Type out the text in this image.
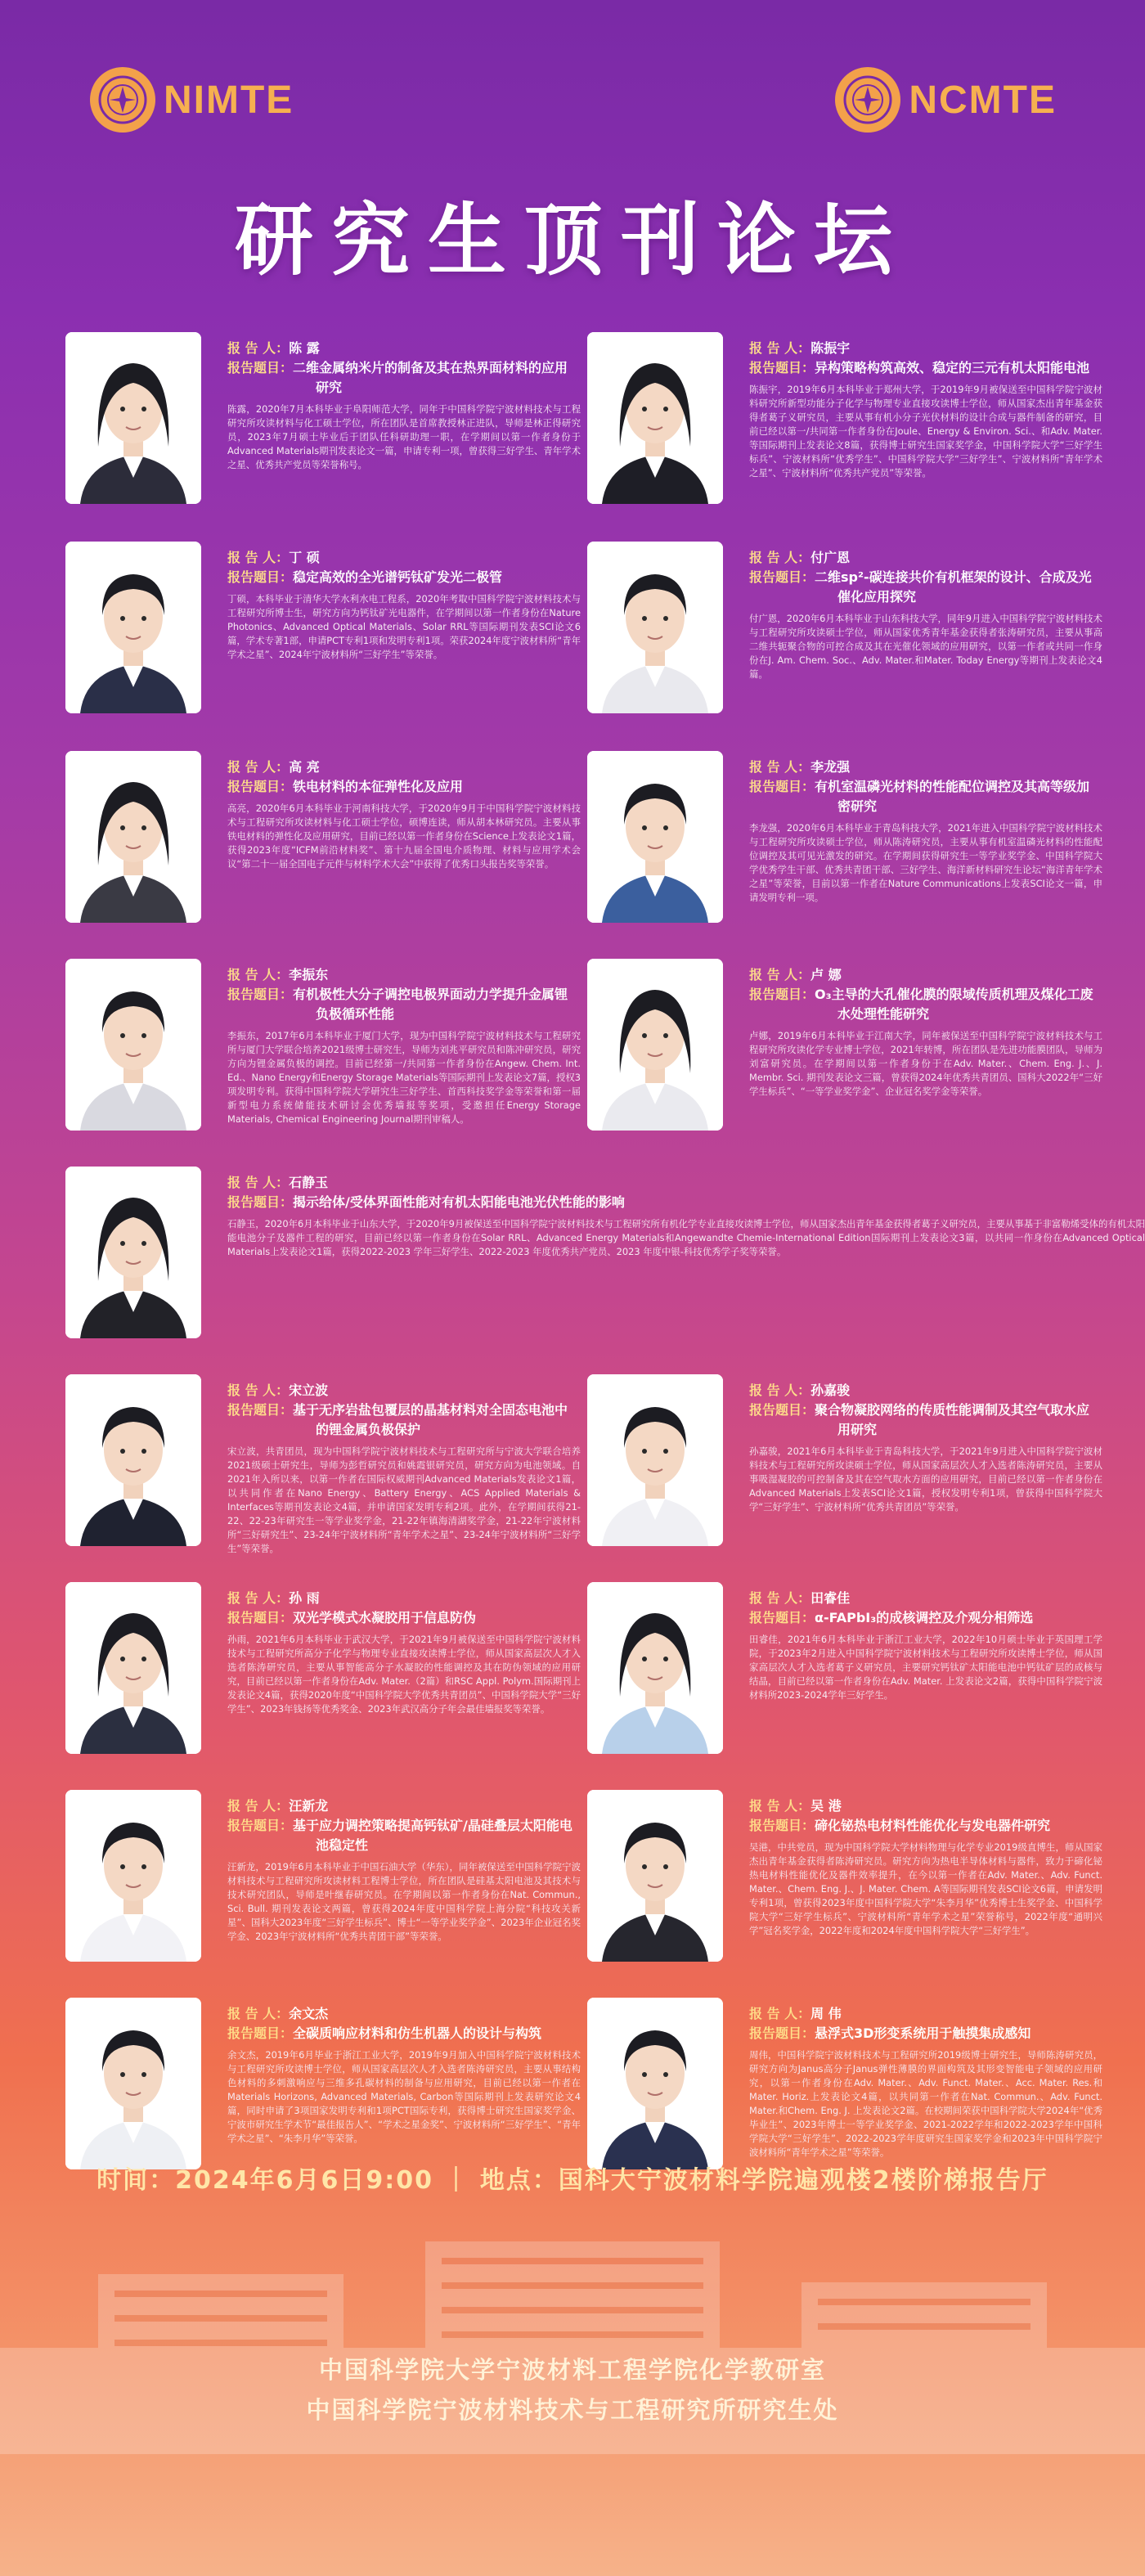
NIMTE	NCMTE
研究生顶刊论坛
报 告 人：陈 露
报告题目：二维金属纳米片的制备及其在热界面材料的应用研究
陈露，2020年7月本科毕业于阜阳师范大学，同年于中国科学院宁波材料技术与工程研究所攻读材料与化工硕士学位，所在团队是首席教授林正进队，导师是林正得研究员，2023年7月硕士毕业后于团队任科研助理一职，在学期间以第一作者身份于Advanced Materials期刊发表论文一篇，申请专利一项，曾获得三好学生、青年学术之星、优秀共产党员等荣誉称号。
报 告 人：陈振宇
报告题目：异构策略构筑高效、稳定的三元有机太阳能电池
陈振宇，2019年6月本科毕业于郑州大学，于2019年9月被保送至中国科学院宁波材料研究所新型功能分子化学与物理专业直接攻读博士学位，师从国家杰出青年基金获得者葛子义研究员，主要从事有机小分子光伏材料的设计合成与器件制备的研究，目前已经以第一/共同第一作者身份在Joule、Energy & Environ. Sci.、和Adv. Mater.等国际期刊上发表论文8篇，获得博士研究生国家奖学金，中国科学院大学“三好学生标兵”、宁波材料所“优秀学生”、中国科学院大学“三好学生”、宁波材料所“青年学术之星”、宁波材料所“优秀共产党员”等荣誉。
报 告 人：丁 硕
报告题目：稳定高效的全光谱钙钛矿发光二极管
丁硕，本科毕业于清华大学水利水电工程系，2020年考取中国科学院宁波材料技术与工程研究所博士生，研究方向为钙钛矿光电器件，在学期间以第一作者身份在Nature Photonics、Advanced Optical Materials、Solar RRL等国际期刊发表SCI论文6篇，学术专著1部，申请PCT专利1项和发明专利1项。荣获2024年度宁波材料所“青年学术之星”、2024年宁波材料所“三好学生”等荣誉。
报 告 人：付广恩
报告题目：二维sp²-碳连接共价有机框架的设计、合成及光催化应用探究
付广恩，2020年6月本科毕业于山东科技大学，同年9月进入中国科学院宁波材料技术与工程研究所攻读硕士学位，师从国家优秀青年基金获得者张涛研究员，主要从事高二维共轭聚合物的可控合成及其在光催化领域的应用研究，以第一作者或共同一作身份在J. Am. Chem. Soc.、Adv. Mater.和Mater. Today Energy等期刊上发表论文4篇。
报 告 人：高 亮
报告题目：铁电材料的本征弹性化及应用
高亮，2020年6月本科毕业于河南科技大学，于2020年9月于中国科学院宁波材料技术与工程研究所攻读材料与化工硕士学位，硕博连读，师从胡本林研究员。主要从事铁电材料的弹性化及应用研究，目前已经以第一作者身份在Science上发表论文1篇，获得2023年度“ICFM前沿材料奖”、第十九届全国电介质物理、材料与应用学术会议“第二十一届全国电子元件与材料学术大会”中获得了优秀口头报告奖等荣誉。
报 告 人：李龙强
报告题目：有机室温磷光材料的性能配位调控及其高等级加密研究
李龙强，2020年6月本科毕业于青岛科技大学，2021年进入中国科学院宁波材料技术与工程研究所攻读硕士学位，师从陈涛研究员，主要从事有机室温磷光材料的性能配位调控及其可见光激发的研究。在学期间获得研究生一等学业奖学金、中国科学院大学优秀学生干部、优秀共青团干部、三好学生、海洋新材料研究生论坛“海洋青年学术之星”等荣誉，目前以第一作者在Nature Communications上发表SCI论文一篇，申请发明专利一项。
报 告 人：李振东
报告题目：有机极性大分子调控电极界面动力学提升金属锂负极循环性能
李振东，2017年6月本科毕业于厦门大学，现为中国科学院宁波材料技术与工程研究所与厦门大学联合培养2021级博士研究生，导师为刘兆平研究员和陈冲研究员，研究方向为锂金属负极的调控。目前已经第一/共同第一作者身份在Angew. Chem. Int. Ed.、Nano Energy和Energy Storage Materials等国际期刊上发表论文7篇，授权3项发明专利。获得中国科学院大学研究生三好学生、首西科技奖学金等荣誉和第一届新型电力系统储能技术研讨会优秀墙报等奖项，受邀担任Energy Storage Materials, Chemical Engineering Journal期刊审稿人。
报 告 人：卢 娜
报告题目：O₃主导的大孔催化膜的限域传质机理及煤化工废水处理性能研究
卢娜，2019年6月本科毕业于江南大学，同年被保送至中国科学院宁波材料技术与工程研究所攻读化学专业博士学位，2021年转博，所在团队是先进功能膜团队，导师为刘富研究员。在学期间以第一作者身份于在Adv. Mater.、Chem. Eng. J.、J. Membr. Sci. 期刊发表论文三篇，曾获得2024年优秀共青团员、国科大2022年“三好学生标兵”、“一等学业奖学金”、企业冠名奖学金等荣誉。
报 告 人：石静玉
报告题目：揭示给体/受体界面性能对有机太阳能电池光伏性能的影响
石静玉，2020年6月本科毕业于山东大学，于2020年9月被保送至中国科学院宁波材料技术与工程研究所有机化学专业直接攻读博士学位，师从国家杰出青年基金获得者葛子义研究员，主要从事基于非富勒烯受体的有机太阳能电池分子及器件工程的研究，目前已经以第一作者身份在Solar RRL、Advanced Energy Materials和Angewandte Chemie-International Edition国际期刊上发表论文3篇，以共同一作身份在Advanced Optical Materials上发表论文1篇，获得2022-2023 学年三好学生、2022-2023 年度优秀共产党员、2023 年度中银-科技优秀学子奖等荣誉。
报 告 人：宋立波
报告题目：基于无序岩盐包覆层的晶基材料对全固态电池中的锂金属负极保护
宋立波，共青团员，现为中国科学院宁波材料技术与工程研究所与宁波大学联合培养2021级硕士研究生，导师为彭哲研究员和姚霞银研究员，研究方向为电池领域。自2021年入所以来，以第一作者在国际权威期刊Advanced Materials发表论文1篇，以共同作者在Nano Energy、Battery Energy、ACS Applied Materials & Interfaces等期刊发表论文4篇，并申请国家发明专利2项。此外，在学期间获得21-22、22-23年研究生一等学业奖学金，21-22年镇海清湖奖学金，21-22年宁波材料所“三好研究生”、23-24年宁波材料所“青年学术之星”、23-24年宁波材料所“三好学生”等荣誉。
报 告 人：孙嘉骏
报告题目：聚合物凝胶网络的传质性能调制及其空气取水应用研究
孙嘉骏，2021年6月本科毕业于青岛科技大学，于2021年9月进入中国科学院宁波材料技术与工程研究所攻读硕士学位，师从国家高层次人才入选者陈涛研究员，主要从事吸湿凝胶的可控制备及其在空气取水方面的应用研究，目前已经以第一作者身份在Advanced Materials上发表SCI论文1篇，授权发明专利1项，曾获得中国科学院大学“三好学生”、宁波材料所“优秀共青团员”等荣誉。
报 告 人：田睿佳
报告题目：α-FAPbI₃的成核调控及介观分相筛选
田睿佳，2021年6月本科毕业于浙江工业大学，2022年10月硕士毕业于英国理工学院，于2023年2月进入中国科学院宁波材料技术与工程研究所攻读博士学位，师从国家高层次人才入选者葛子义研究员，主要研究钙钛矿太阳能电池中钙钛矿层的成核与结晶，目前已经以第一作者身份在Adv. Mater. 上发表论文2篇，获得中国科学院宁波材料所2023-2024学年三好学生。
报 告 人：孙 雨
报告题目：双光学模式水凝胶用于信息防伪
孙雨，2021年6月本科毕业于武汉大学，于2021年9月被保送至中国科学院宁波材料技术与工程研究所高分子化学与物理专业直接攻读博士学位，师从国家高层次人才入选者陈涛研究员，主要从事智能高分子水凝胶的性能调控及其在防伪领域的应用研究，目前已经以第一作者身份在Adv. Mater.（2篇）和RSC Appl. Polym.国际期刊上发表论文4篇，获得2020年度“中国科学院大学优秀共青团员”、中国科学院大学“三好学生”、2023年钱扬等优秀奖金、2023年武汉高分子年会最佳墙报奖等荣誉。
报 告 人：吴 港
报告题目：碲化铋热电材料性能优化与发电器件研究
吴港，中共党员，现为中国科学院大学材料物理与化学专业2019级直博生，师从国家杰出青年基金获得者陈涛研究员。研究方向为热电半导体材料与器件，致力于碲化铋热电材料性能优化及器件效率提升，在今以第一作者在Adv. Mater.、Adv. Funct. Mater.、Chem. Eng. J.、J. Mater. Chem. A等国际期刊发表SCI论文6篇，申请发明专利1项，曾获得2023年度中国科学院大学“朱李月华”优秀博士生奖学金、中国科学院大学“三好学生标兵”、宁波材料所“青年学术之星”荣誉称号，2022年度“通明兴学”冠名奖学金，2022年度和2024年度中国科学院大学“三好学生”。
报 告 人：汪新龙
报告题目：基于应力调控策略提高钙钛矿/晶硅叠层太阳能电池稳定性
汪新龙，2019年6月本科毕业于中国石油大学（华东），同年被保送至中国科学院宁波材料技术与工程研究所攻读材料工程博士学位，所在团队是硅基太阳电池及其技术与技术研究团队，导师是叶继春研究员。在学期间以第一作者身份在Nat. Commun., Sci. Bull. 期刊发表论文两篇，曾获得2024年度中国科学院上海分院“科技攻关新星”、国科大2023年度“三好学生标兵”、博士“一等学业奖学金”、2023年企业冠名奖学金、2023年宁波材料所“优秀共青团干部”等荣誉。
报 告 人：周 伟
报告题目：悬浮式3D形变系统用于触摸集成感知
周伟，中国科学院宁波材料技术与工程研究所2019级博士研究生，导师陈涛研究员，研究方向为Janus高分子Janus弹性薄膜的界面构筑及其形变智能电子领域的应用研究，以第一作者身份在Adv. Mater.、Adv. Funct. Mater.、Acc. Mater. Res.和Mater. Horiz.上发表论文4篇，以共同第一作者在Nat. Commun.、Adv. Funct. Mater.和Chem. Eng. J. 上发表论文2篇。在校期间荣获中国科学院大学2024年“优秀毕业生”、2023年博士一等学业奖学金、2021-2022学年和2022-2023学年中国科学院大学“三好学生”、2022-2023学年度研究生国家奖学金和2023年中国科学院宁波材料所“青年学术之星”等荣誉。
报 告 人：余文杰
报告题目：全碳质响应材料和仿生机器人的设计与构筑
余文杰，2019年6月毕业于浙江工业大学，2019年9月加入中国科学院宁波材料技术与工程研究所攻读博士学位，师从国家高层次人才入选者陈涛研究员，主要从事结构色材料的多刺激响应与三维多孔碳材料的制备与应用研究，目前已经以第一作者在Materials Horizons, Advanced Materials, Carbon等国际期刊上发表研究论文4篇，同时申请了3项国家发明专利和1项PCT国际专利，获得博士研究生国家奖学金、宁波市研究生学术节“最佳报告人”、“学术之星金奖”、宁波材料所“三好学生”、“青年学术之星”、“朱李月华”等荣誉。
时间：2024年6月6日9:00 ｜ 地点：国科大宁波材料学院遍观楼2楼阶梯报告厅
中国科学院大学宁波材料工程学院化学教研室
中国科学院宁波材料技术与工程研究所研究生处
